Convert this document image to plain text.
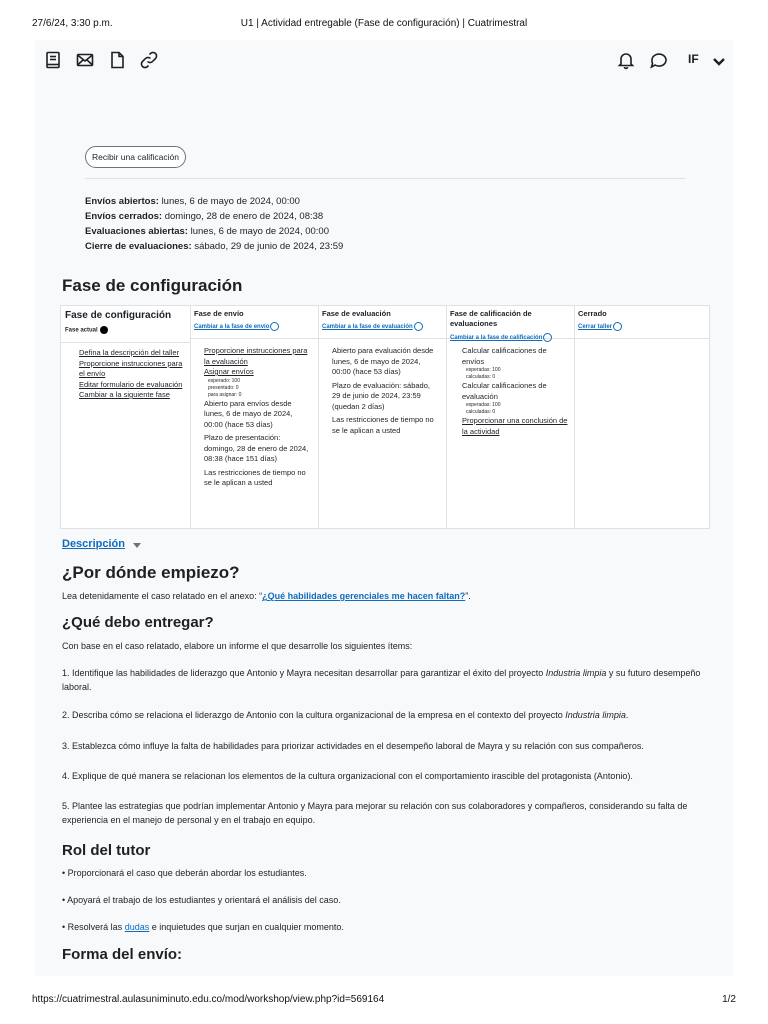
27/6/24, 3:30 p.m.	U1 | Actividad entregable (Fase de configuración) | Cuatrimestral
IF
Recibir una calificación
Envíos abiertos: lunes, 6 de mayo de 2024, 00:00
Envíos cerrados: domingo, 28 de enero de 2024, 08:38
Evaluaciones abiertas: lunes, 6 de mayo de 2024, 00:00
Cierre de evaluaciones: sábado, 29 de junio de 2024, 23:59
Fase de configuración
Fase de configuración
Fase actual
Defina la descripción del taller
Proporcione instrucciones para el envío
Editar formulario de evaluación
Cambiar a la siguiente fase
Fase de envío
Cambiar a la fase de envío
Proporcione instrucciones para la evaluación
Asignar envíos
esperado: 100
presentado: 0
para asignar: 0
Abierto para envíos desde lunes, 6 de mayo de 2024, 00:00 (hace 53 días)
Plazo de presentación: domingo, 28 de enero de 2024, 08:38 (hace 151 días)
Las restricciones de tiempo no se le aplican a usted
Fase de evaluación
Cambiar a la fase de evaluación
Abierto para evaluación desde lunes, 6 de mayo de 2024, 00:00 (hace 53 días)
Plazo de evaluación: sábado, 29 de junio de 2024, 23:59 (quedan 2 días)
Las restricciones de tiempo no se le aplican a usted
Fase de calificación de evaluaciones
Cambiar a la fase de calificación
Calcular calificaciones de envíos
esperadas: 100
calculadas: 0
Calcular calificaciones de evaluación
esperadas: 100
calculadas: 0
Proporcionar una conclusión de la actividad
Cerrado
Cerrar taller
Descripción
¿Por dónde empiezo?
Lea detenidamente el caso relatado en el anexo: “¿Qué habilidades gerenciales me hacen faltan?”.
¿Qué debo entregar?
Con base en el caso relatado, elabore un informe el que desarrolle los siguientes ítems:
1. Identifique las habilidades de liderazgo que Antonio y Mayra necesitan desarrollar para garantizar el éxito del proyecto Industria limpia y su futuro desempeño laboral.
2. Describa cómo se relaciona el liderazgo de Antonio con la cultura organizacional de la empresa en el contexto del proyecto Industria limpia.
3. Establezca cómo influye la falta de habilidades para priorizar actividades en el desempeño laboral de Mayra y su relación con sus compañeros.
4. Explique de qué manera se relacionan los elementos de la cultura organizacional con el comportamiento irascible del protagonista (Antonio).
5. Plantee las estrategias que podrían implementar Antonio y Mayra para mejorar su relación con sus colaboradores y compañeros, considerando su falta de experiencia en el manejo de personal y en el trabajo en equipo.
Rol del tutor
• Proporcionará el caso que deberán abordar los estudiantes.
• Apoyará el trabajo de los estudiantes y orientará el análisis del caso.
• Resolverá las dudas e inquietudes que surjan en cualquier momento.
Forma del envío:
https://cuatrimestral.aulasuniminuto.edu.co/mod/workshop/view.php?id=569164	1/2
